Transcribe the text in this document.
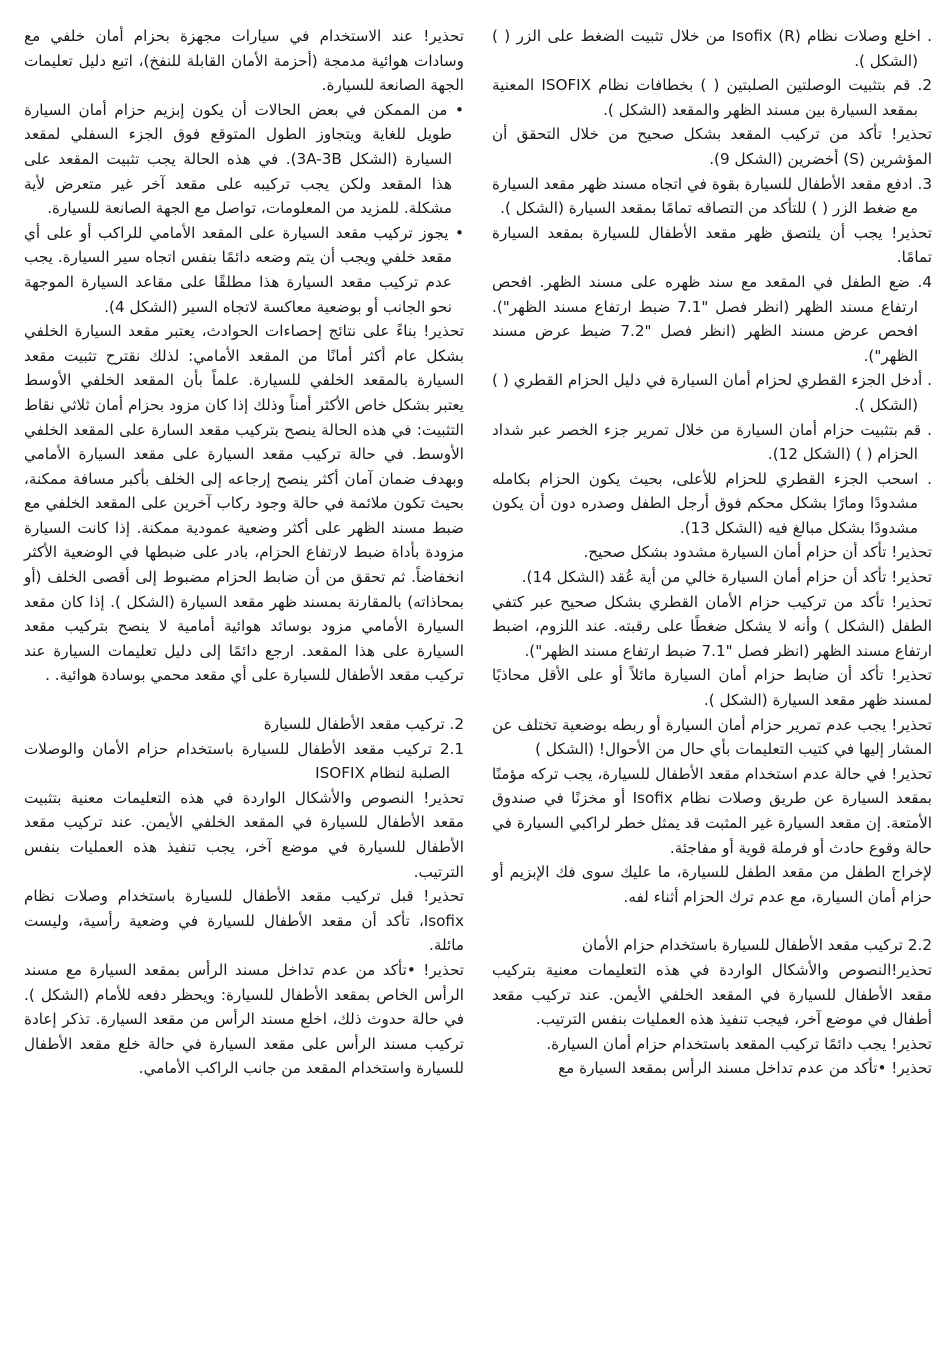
تحذير! عند الاستخدام في سيارات مجهزة بحزام أمان خلفي مع وسادات هوائية مدمجة (أحزمة الأمان القابلة للنفخ)، اتبع دليل تعليمات الجهة الصانعة للسيارة.

• من الممكن في بعض الحالات أن يكون إبزيم حزام أمان السيارة طويل للغاية ويتجاوز الطول المتوقع فوق الجزء السفلي لمقعد السيارة (الشكل 3A-3B). في هذه الحالة يجب تثبيت المقعد على هذا المقعد ولكن يجب تركيبه على مقعد آخر غير متعرض لأية مشكلة. للمزيد من المعلومات، تواصل مع الجهة الصانعة للسيارة.

• يجوز تركيب مقعد السيارة على المقعد الأمامي للراكب أو على أي مقعد خلفي ويجب أن يتم وضعه دائمًا بنفس اتجاه سير السيارة. يجب عدم تركيب مقعد السيارة هذا مطلقًا على مقاعد السيارة الموجهة نحو الجانب أو بوضعية معاكسة لاتجاه السير (الشكل 4).

تحذير! بناءً على نتائج إحصاءات الحوادث، يعتبر مقعد السيارة الخلفي بشكل عام أكثر أمانًا من المقعد الأمامي: لذلك نقترح تثبيت مقعد السيارة بالمقعد الخلفي للسيارة. علماً بأن المقعد الخلفي الأوسط يعتبر بشكل خاص الأكثر أمناً وذلك إذا كان مزود بحزام أمان ثلاثي نقاط التثبيت: في هذه الحالة ينصح بتركيب مقعد السارة على المقعد الخلفي الأوسط. في حالة تركيب مقعد السيارة على مقعد السيارة الأمامي وبهدف ضمان آمان أكثر ينصح إرجاعه إلى الخلف بأكبر مسافة ممكنة، بحيث تكون ملائمة في حالة وجود ركاب آخرين على المقعد الخلفي مع ضبط مسند الظهر على أكثر وضعية عمودية ممكنة. إذا كانت السيارة مزودة بأداة ضبط لارتفاع الحزام، بادر على ضبطها في الوضعية الأكثر انخفاضاً. ثم تحقق من أن ضابط الحزام مضبوط إلى أقصى الخلف (أو بمحاذاته) بالمقارنة بمسند ظهر مقعد السيارة (الشكل ). إذا كان مقعد السيارة الأمامي مزود بوسائد هوائية أمامية لا ينصح بتركيب مقعد السيارة على هذا المقعد. ارجع دائمًا إلى دليل تعليمات السيارة عند تركيب مقعد الأطفال للسيارة على أي مقعد محمي بوسادة هوائية. .

2. تركيب مقعد الأطفال للسيارة

2.1 تركيب مقعد الأطفال للسيارة باستخدام حزام الأمان والوصلات الصلبة لنظام ISOFIX

تحذير! النصوص والأشكال الواردة في هذه التعليمات معنية بتثبيت مقعد الأطفال للسيارة في المقعد الخلفي الأيمن. عند تركيب مقعد الأطفال للسيارة في موضع آخر، يجب تنفيذ هذه العمليات بنفس الترتيب.

تحذير! قبل تركيب مقعد الأطفال للسيارة باستخدام وصلات نظام Isofix، تأكد أن مقعد الأطفال للسيارة في وضعية رأسية، وليست مائلة.

تحذير! •تأكد من عدم تداخل مسند الرأس بمقعد السيارة مع مسند الرأس الخاص بمقعد الأطفال للسيارة: ويحظر دفعه للأمام (الشكل ). في حالة حدوث ذلك، اخلع مسند الرأس من مقعد السيارة. تذكر إعادة تركيب مسند الرأس على مقعد السيارة في حالة خلع مقعد الأطفال للسيارة واستخدام المقعد من جانب الراكب الأمامي.

. اخلع وصلات نظام Isofix (R) من خلال تثبيت الضغط على الزر ( ) (الشكل ).

2. قم بتثبيت الوصلتين الصلبتين ( ) بخطافات نظام ISOFIX المعنية بمقعد السيارة بين مسند الظهر والمقعد (الشكل ).

تحذير! تأكد من تركيب المقعد بشكل صحيح من خلال التحقق أن المؤشرين (S) أخضرين (الشكل 9).

3. ادفع مقعد الأطفال للسيارة بقوة في اتجاه مسند ظهر مقعد السيارة مع ضغط الزر ( ) للتأكد من التصاقه تمامًا بمقعد السيارة (الشكل ).

تحذير! يجب أن يلتصق ظهر مقعد الأطفال للسيارة بمقعد السيارة تمامًا.

4. ضع الطفل في المقعد مع سند ظهره على مسند الظهر. افحص ارتفاع مسند الظهر (انظر فصل "7.1 ضبط ارتفاع مسند الظهر"). افحص عرض مسند الظهر (انظر فصل "7.2 ضبط عرض مسند الظهر").

. أدخل الجزء القطري لحزام أمان السيارة في دليل الحزام القطري ( ) (الشكل ).

. قم بتثبيت حزام أمان السيارة من خلال تمرير جزء الخصر عبر شداد الحزام ( ) (الشكل 12).

. اسحب الجزء القطري للحزام للأعلى، بحيث يكون الحزام بكامله مشدودًا ومارًا بشكل محكم فوق أرجل الطفل وصدره دون أن يكون مشدودًا بشكل مبالغ فيه (الشكل 13).

تحذير! تأكد أن حزام أمان السيارة مشدود بشكل صحيح.

تحذير! تأكد أن حزام أمان السيارة خالي من أية عُقد (الشكل 14).

تحذير! تأكد من تركيب حزام الأمان القطري بشكل صحيح عبر كتفي الطفل (الشكل ) وأنه لا يشكل ضغطًا على رقبته. عند اللزوم، اضبط ارتفاع مسند الظهر (انظر فصل "7.1 ضبط ارتفاع مسند الظهر").

تحذير! تأكد أن ضابط حزام أمان السيارة مائلاً أو على الأقل محاذيًا لمسند ظهر مقعد السيارة (الشكل ).

تحذير! يجب عدم تمرير حزام أمان السيارة أو ربطه بوضعية تختلف عن المشار إليها في كتيب التعليمات بأي حال من الأحوال! (الشكل )

تحذير! في حالة عدم استخدام مقعد الأطفال للسيارة، يجب تركه مؤمنًا بمقعد السيارة عن طريق وصلات نظام Isofix أو مخزنًا في صندوق الأمتعة. إن مقعد السيارة غير المثبت قد يمثل خطر لراكبي السيارة في حالة وقوع حادث أو فرملة قوية أو مفاجئة.

لإخراج الطفل من مقعد الطفل للسيارة، ما عليك سوى فك الإبزيم أو حزام أمان السيارة، مع عدم ترك الحزام أثناء لفه.

2.2 تركيب مقعد الأطفال للسيارة باستخدام حزام الأمان

تحذير!النصوص والأشكال الواردة في هذه التعليمات معنية بتركيب مقعد الأطفال للسيارة في المقعد الخلفي الأيمن. عند تركيب مقعد أطفال في موضع آخر، فيجب تنفيذ هذه العمليات بنفس الترتيب.

تحذير! يجب دائمًا تركيب المقعد باستخدام حزام أمان السيارة.

تحذير! •تأكد من عدم تداخل مسند الرأس بمقعد السيارة مع
